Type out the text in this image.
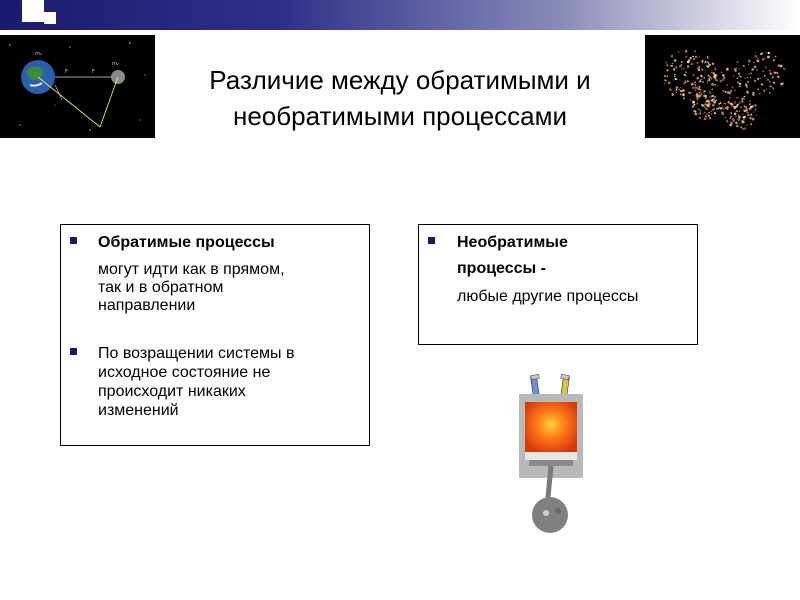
m₁
m₂
F	F	Различие между обратимыми и
необратимыми процессами
Обратимые процессы
могут идти как в прямом,
так и в обратном
направлении
По возращении системы в
исходное состояние не
происходит никаких
изменений
Необратимые
процессы -
любые другие процессы
